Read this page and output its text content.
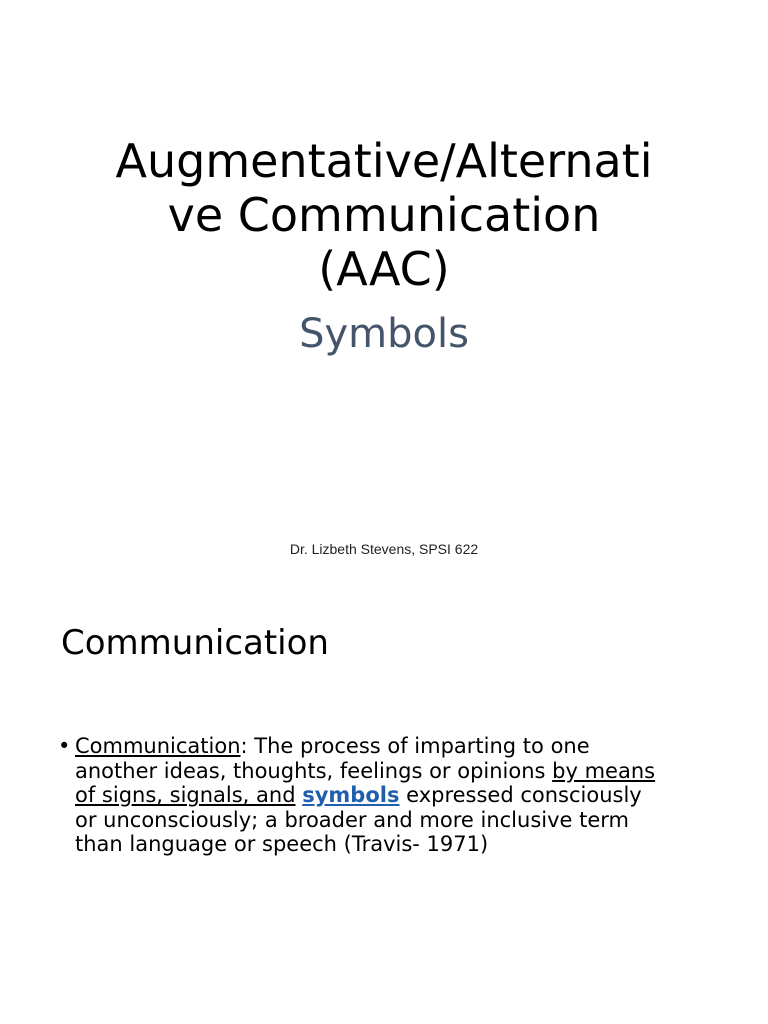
Augmentative/Alternati
ve Communication
(AAC)
Symbols
Dr. Lizbeth Stevens, SPSI 622
Communication
• Communication: The process of imparting to one
another ideas, thoughts, feelings or opinions by means
of signs, signals, and symbols expressed consciously
or unconsciously; a broader and more inclusive term
than language or speech (Travis- 1971)
